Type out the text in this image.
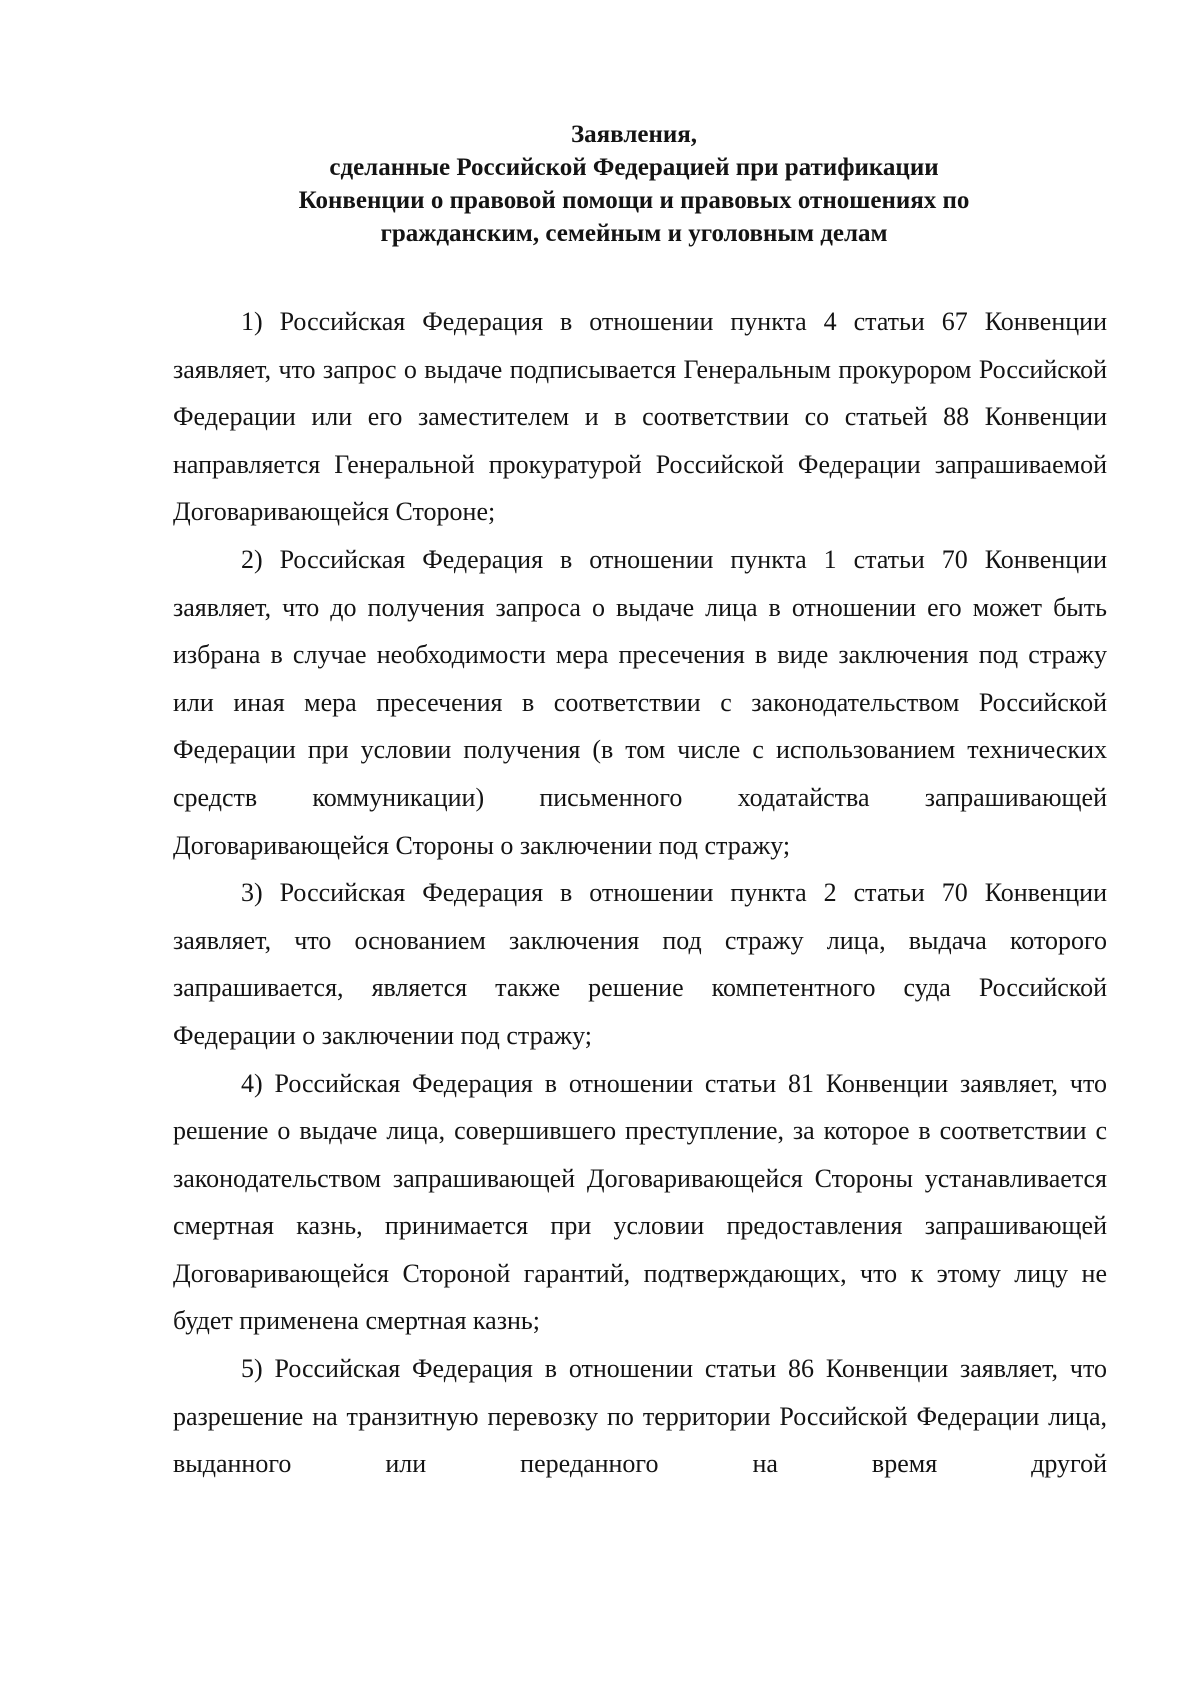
Заявления,
сделанные Российской Федерацией при ратификации
Конвенции о правовой помощи и правовых отношениях по
гражданским, семейным и уголовным делам

1) Российская Федерация в отношении пункта 4 статьи 67 Конвенции заявляет, что запрос о выдаче подписывается Генеральным прокурором Российской Федерации или его заместителем и в соответствии со статьей 88 Конвенции направляется Генеральной прокуратурой Российской Федерации запрашиваемой Договаривающейся Стороне;

2) Российская Федерация в отношении пункта 1 статьи 70 Конвенции заявляет, что до получения запроса о выдаче лица в отношении его может быть избрана в случае необходимости мера пресечения в виде заключения под стражу или иная мера пресечения в соответствии с законодательством Российской Федерации при условии получения (в том числе с использованием технических средств коммуникации) письменного ходатайства запрашивающей Договаривающейся Стороны о заключении под стражу;

3) Российская Федерация в отношении пункта 2 статьи 70 Конвенции заявляет, что основанием заключения под стражу лица, выдача которого запрашивается, является также решение компетентного суда Российской Федерации о заключении под стражу;

4) Российская Федерация в отношении статьи 81 Конвенции заявляет, что решение о выдаче лица, совершившего преступление, за которое в соответствии с законодательством запрашивающей Договаривающейся Стороны устанавливается смертная казнь, принимается при условии предоставления запрашивающей Договаривающейся Стороной гарантий, подтверждающих, что к этому лицу не будет применена смертная казнь;

5) Российская Федерация в отношении статьи 86 Конвенции заявляет, что разрешение на транзитную перевозку по территории Российской Федерации лица, выданного или переданного на время другой
